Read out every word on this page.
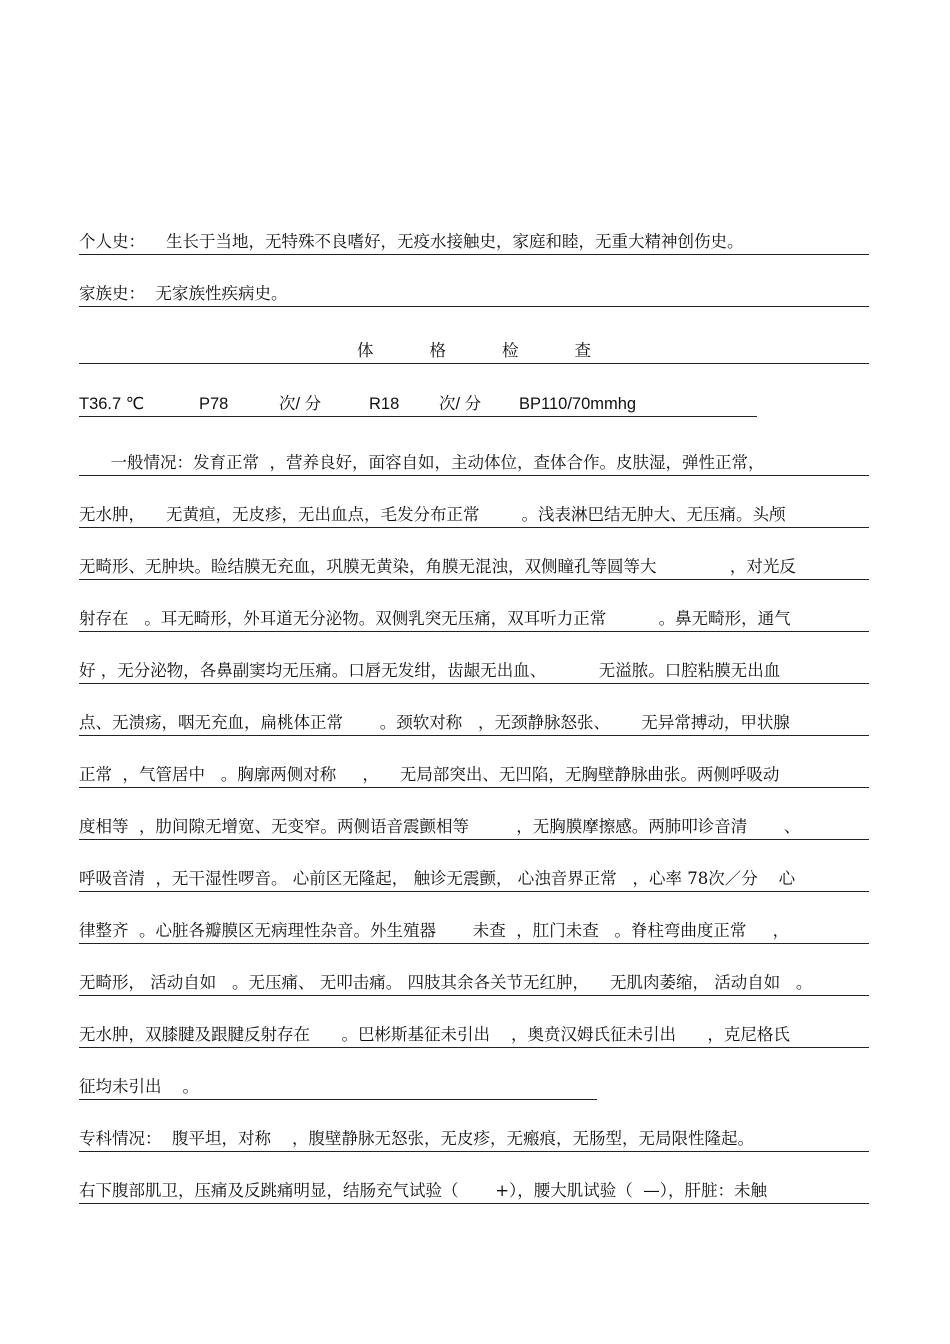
个人史：    生长于当地，无特殊不良嗜好，无疫水接触史，家庭和睦，无重大精神创伤史。
家族史：  无家族性疾病史。
体	格	检	查
T36.7 ℃	P78	次/ 分	R18 次/ 分 BP110/70mmhg
一般情况：发育正常  ，营养良好，面容自如，主动体位，查体合作。皮肤湿，弹性正常，
无水肿，    无黄疸，无皮疹，无出血点，毛发分布正常        。浅表淋巴结无肿大、无压痛。头颅
无畸形、无肿块。睑结膜无充血，巩膜无黄染，角膜无混浊，双侧瞳孔等圆等大              ，对光反
射存在   。耳无畸形，外耳道无分泌物。双侧乳突无压痛，双耳听力正常          。鼻无畸形，通气
好 ，无分泌物，各鼻副窦均无压痛。口唇无发绀，齿龈无出血、          无溢脓。口腔粘膜无出血
点、无溃疡，咽无充血，扁桃体正常       。颈软对称   ，无颈静脉怒张、      无异常搏动，甲状腺
正常  ，气管居中   。胸廓两侧对称     ，    无局部突出、无凹陷，无胸壁静脉曲张。两侧呼吸动
度相等  ，肋间隙无增宽、无变窄。两侧语音震颤相等         ，无胸膜摩擦感。两肺叩诊音清       、
呼吸音清  ，无干湿性啰音。 心前区无隆起， 触诊无震颤， 心浊音界正常   ，心率 78次／分    心
律整齐  。心脏各瓣膜区无病理性杂音。外生殖器       未查  ，肛门未查   。脊柱弯曲度正常     ，
无畸形， 活动自如   。无压痛、 无叩击痛。 四肢其余各关节无红肿，    无肌肉萎缩， 活动自如   。
无水肿，双膝腱及跟腱反射存在      。巴彬斯基征未引出    ，奥贲汉姆氏征未引出      ，克尼格氏
征均未引出    。
专科情况：  腹平坦，对称    ，腹壁静脉无怒张，无皮疹，无瘢痕，无肠型，无局限性隆起。
右下腹部肌卫，压痛及反跳痛明显，结肠充气试验（       +），腰大肌试验（  —），肝脏：未触
